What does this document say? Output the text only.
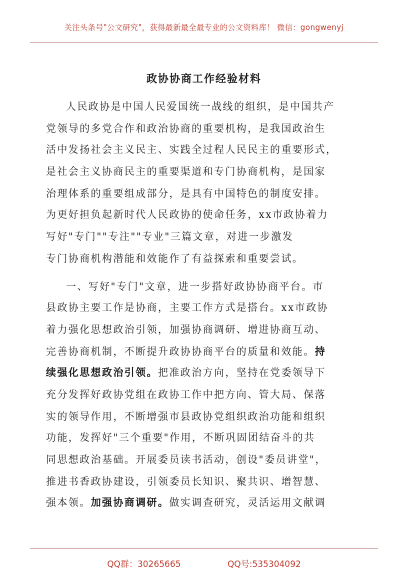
关注头条号"公文研究"，获得最新最全最专业的公文资料库！ 微信：gongwenyj
政协协商工作经验材料
人民政协是中国人民爱国统一战线的组织，是中国共产
党领导的多党合作和政治协商的重要机构，是我国政治生
活中发扬社会主义民主、实践全过程人民民主的重要形式，
是社会主义协商民主的重要渠道和专门协商机构，是国家
治理体系的重要组成部分，是具有中国特色的制度安排。
为更好担负起新时代人民政协的使命任务，xx市政协着力
写好"专门""专注""专业"三篇文章，对进一步激发
专门协商机构潜能和效能作了有益探索和重要尝试。
一、写好"专门"文章，进一步搭好政协协商平台。市
县政协主要工作是协商，主要工作方式是搭台。xx市政协
着力强化思想政治引领，加强协商调研、增进协商互动、
完善协商机制，不断提升政协协商平台的质量和效能。持
续强化思想政治引领。把准政治方向，坚持在党委领导下
充分发挥好政协党组在政协工作中把方向、管大局、保落
实的领导作用，不断增强市县政协党组织政治功能和组织
功能，发挥好"三个重要"作用，不断巩固团结奋斗的共
同思想政治基础。开展委员读书活动，创设"委员讲堂"，
推进书香政协建设，引领委员长知识、聚共识、增智慧、
强本领。加强协商调研。做实调查研究，灵活运用文献调
QQ群：30265665	QQ号:535304092
